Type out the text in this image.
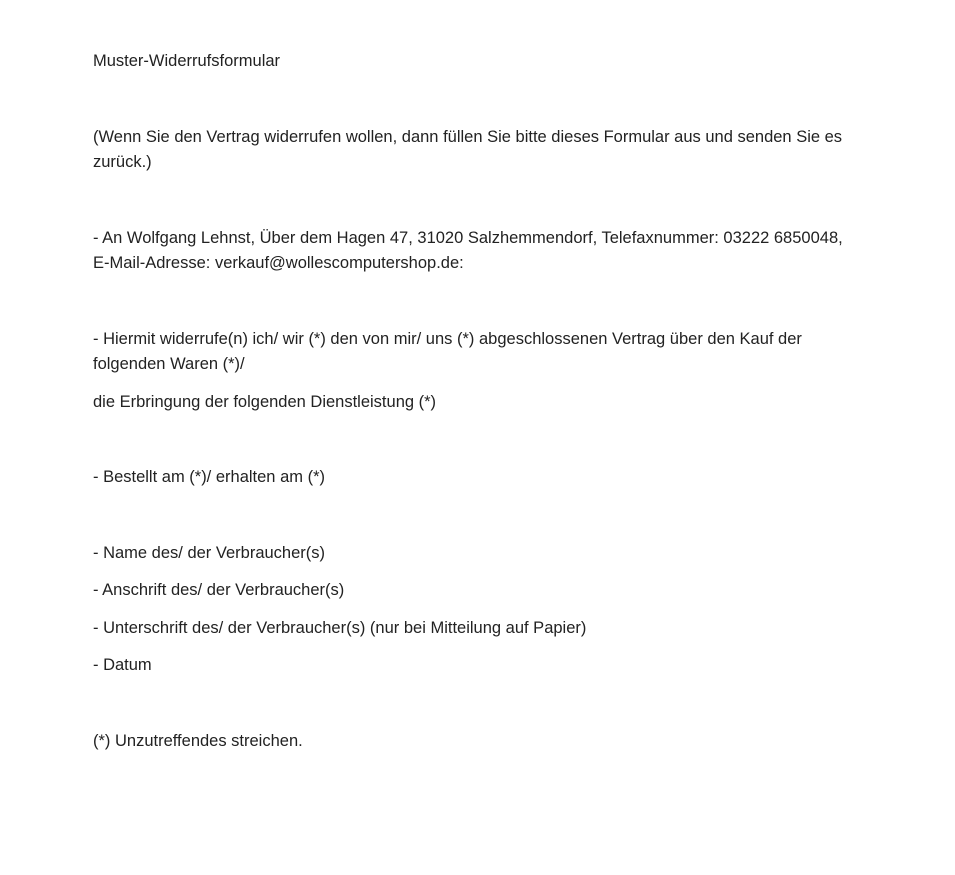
Muster-Widerrufsformular

(Wenn Sie den Vertrag widerrufen wollen, dann füllen Sie bitte dieses Formular aus und senden Sie es zurück.)

- An Wolfgang Lehnst, Über dem Hagen 47, 31020 Salzhemmendorf, Telefaxnummer: 03222 6850048, E-Mail-Adresse: verkauf@wollescomputershop.de:

- Hiermit widerrufe(n) ich/ wir (*) den von mir/ uns (*) abgeschlossenen Vertrag über den Kauf der folgenden Waren (*)/

die Erbringung der folgenden Dienstleistung (*)

- Bestellt am (*)/ erhalten am (*)

- Name des/ der Verbraucher(s)

- Anschrift des/ der Verbraucher(s)

- Unterschrift des/ der Verbraucher(s) (nur bei Mitteilung auf Papier)

- Datum

(*) Unzutreffendes streichen.
